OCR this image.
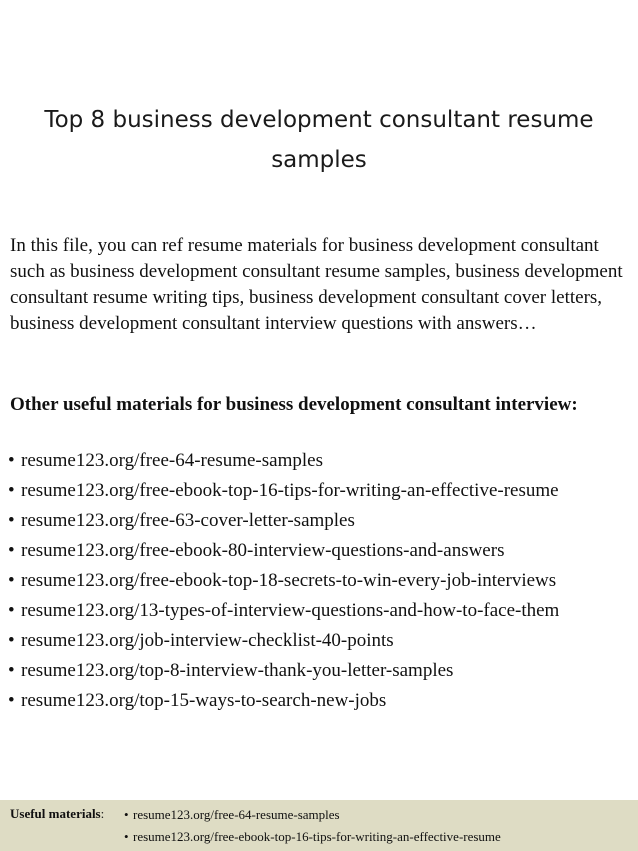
Top 8 business development consultant resume samples

In this file, you can ref resume materials for business development consultant such as business development consultant resume samples, business development consultant resume writing tips, business development consultant cover letters, business development consultant interview questions with answers…

Other useful materials for business development consultant interview:

• resume123.org/free-64-resume-samples
• resume123.org/free-ebook-top-16-tips-for-writing-an-effective-resume
• resume123.org/free-63-cover-letter-samples
• resume123.org/free-ebook-80-interview-questions-and-answers
• resume123.org/free-ebook-top-18-secrets-to-win-every-job-interviews
• resume123.org/13-types-of-interview-questions-and-how-to-face-them
• resume123.org/job-interview-checklist-40-points
• resume123.org/top-8-interview-thank-you-letter-samples
• resume123.org/top-15-ways-to-search-new-jobs
Useful materials: • resume123.org/free-64-resume-samples
• resume123.org/free-ebook-top-16-tips-for-writing-an-effective-resume
